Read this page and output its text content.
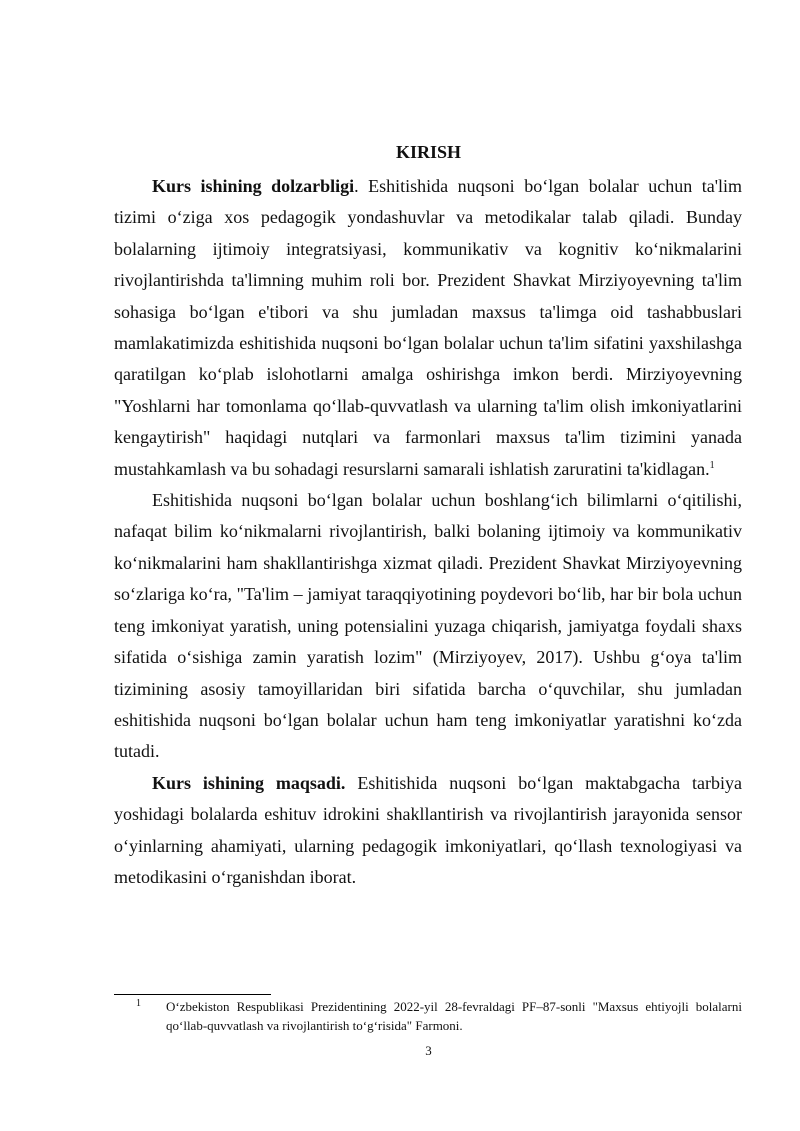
KIRISH

Kurs ishining dolzarbligi. Eshitishida nuqsoni bo‘lgan bolalar uchun ta'lim tizimi o‘ziga xos pedagogik yondashuvlar va metodikalar talab qiladi. Bunday bolalarning ijtimoiy integratsiyasi, kommunikativ va kognitiv ko‘nikmalarini rivojlantirishda ta'limning muhim roli bor. Prezident Shavkat Mirziyoyevning ta'lim sohasiga bo‘lgan e'tibori va shu jumladan maxsus ta'limga oid tashabbuslari mamlakatimizda eshitishida nuqsoni bo‘lgan bolalar uchun ta'lim sifatini yaxshilashga qaratilgan ko‘plab islohotlarni amalga oshirishga imkon berdi. Mirziyoyevning "Yoshlarni har tomonlama qo‘llab-quvvatlash va ularning ta'lim olish imkoniyatlarini kengaytirish" haqidagi nutqlari va farmonlari maxsus ta'lim tizimini yanada mustahkamlash va bu sohadagi resurslarni samarali ishlatish zaruratini ta'kidlagan.$^1$

Eshitishida nuqsoni bo‘lgan bolalar uchun boshlang‘ich bilimlarni o‘qitilishi, nafaqat bilim ko‘nikmalarni rivojlantirish, balki bolaning ijtimoiy va kommunikativ ko‘nikmalarini ham shakllantirishga xizmat qiladi. Prezident Shavkat Mirziyoyevning so‘zlariga ko‘ra, "Ta'lim – jamiyat taraqqiyotining poydevori bo‘lib, har bir bola uchun teng imkoniyat yaratish, uning potensialini yuzaga chiqarish, jamiyatga foydali shaxs sifatida o‘sishiga zamin yaratish lozim" (Mirziyoyev, 2017). Ushbu g‘oya ta'lim tizimining asosiy tamoyillaridan biri sifatida barcha o‘quvchilar, shu jumladan eshitishida nuqsoni bo‘lgan bolalar uchun ham teng imkoniyatlar yaratishni ko‘zda tutadi.

Kurs ishining maqsadi. Eshitishida nuqsoni bo‘lgan maktabgacha tarbiya yoshidagi bolalarda eshituv idrokini shakllantirish va rivojlantirish jarayonida sensor o‘yinlarning ahamiyati, ularning pedagogik imkoniyatlari, qo‘llash texnologiyasi va metodikasini o‘rganishdan iborat.

1 O‘zbekiston Respublikasi Prezidentining 2022-yil 28-fevraldagi PF–87-sonli "Maxsus ehtiyojli bolalarni qo‘llab-quvvatlash va rivojlantirish to‘g‘risida" Farmoni.
3
